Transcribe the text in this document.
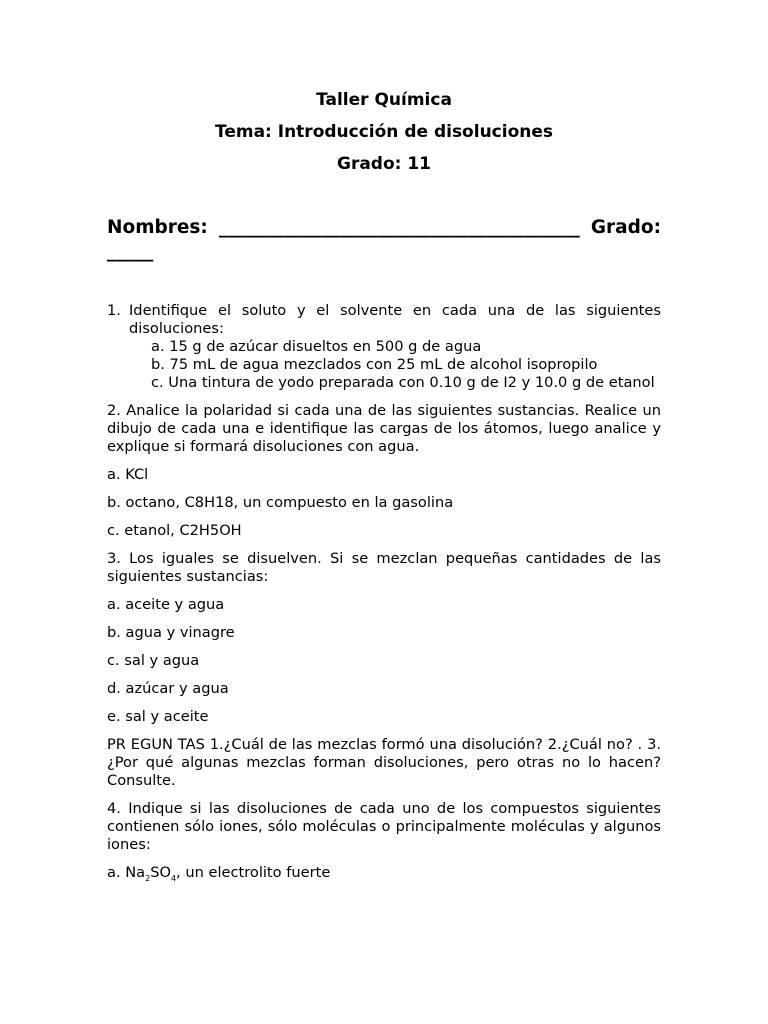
Taller Química
Tema: Introducción de disoluciones
Grado: 11
Nombres: _______________________________________ Grado: _____
1. Identifique el soluto y el solvente en cada una de las siguientes disoluciones:
a. 15 g de azúcar disueltos en 500 g de agua
b. 75 mL de agua mezclados con 25 mL de alcohol isopropilo
c. Una tintura de yodo preparada con 0.10 g de I2 y 10.0 g de etanol

2. Analice la polaridad si cada una de las siguientes sustancias. Realice un dibujo de cada una e identifique las cargas de los átomos, luego analice y explique si formará disoluciones con agua.

a. KCl

b. octano, C8H18, un compuesto en la gasolina

c. etanol, C2H5OH

3. Los iguales se disuelven. Si se mezclan pequeñas cantidades de las siguientes sustancias:

a. aceite y agua

b. agua y vinagre

c. sal y agua

d. azúcar y agua

e. sal y aceite

PR EGUN TAS 1.¿Cuál de las mezclas formó una disolución? 2.¿Cuál no? . 3.¿Por qué algunas mezclas forman disoluciones, pero otras no lo hacen? Consulte.

4. Indique si las disoluciones de cada uno de los compuestos siguientes contienen sólo iones, sólo moléculas o principalmente moléculas y algunos iones:

a. $Na_2SO_4$, un electrolito fuerte
